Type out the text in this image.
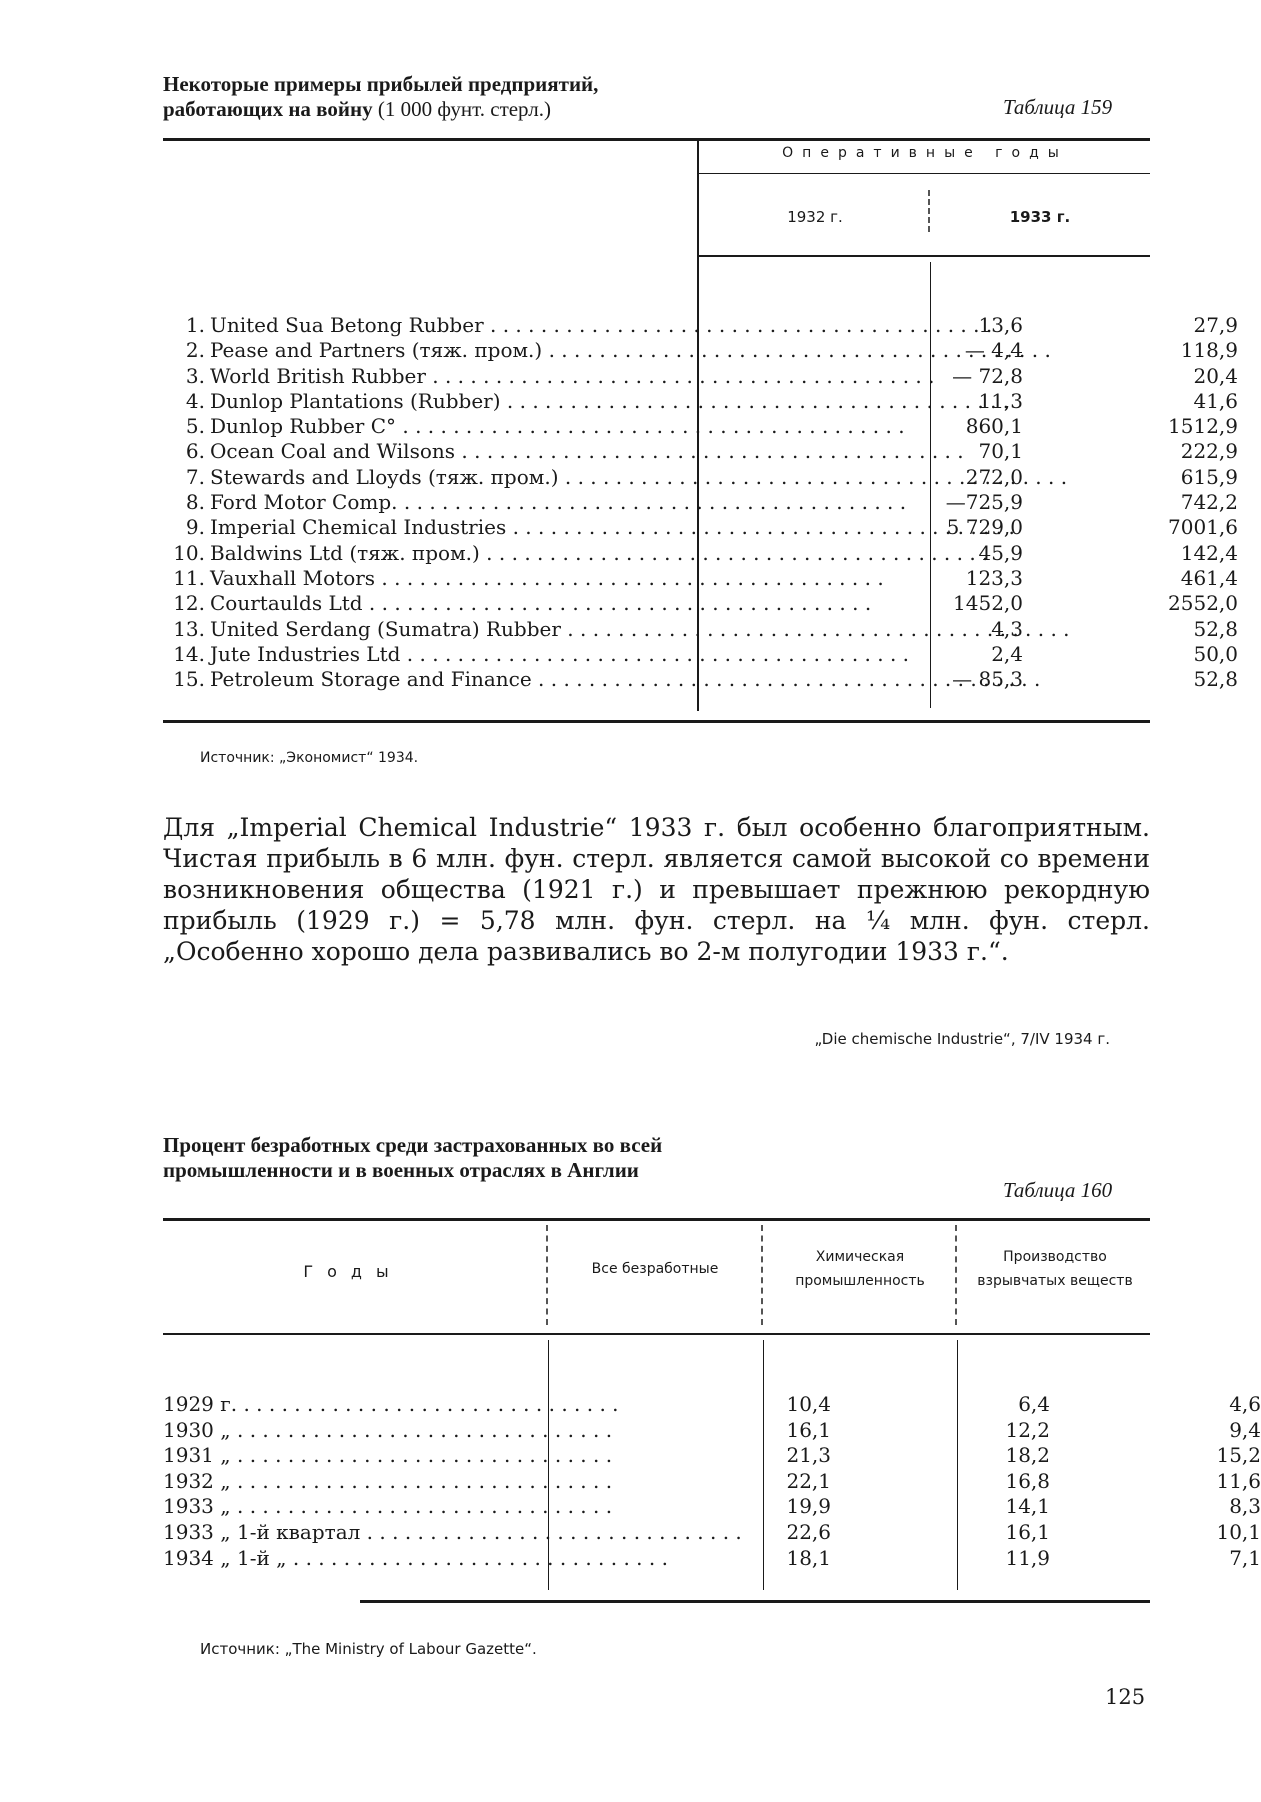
Некоторые примеры прибылей предприятий,
работающих на войну (1 000 фунт. стерл.)	Таблица 159
Оперативные годы
1932 г.	1933 г.
1. United Sua Betong Rubber . . .	13,6	27,9
2. Pease and Partners (тяж. пром.) . . .	— 4,4	118,9
3. World British Rubber . . .	— 72,8	20,4
4. Dunlop Plantations (Rubber) . . .	11,3	41,6
5. Dunlop Rubber C° . . .	860,1	1512,9
6. Ocean Coal and Wilsons . . .	70,1	222,9
7. Stewards and Lloyds (тяж. пром.) . . .	272,0	615,9
8. Ford Motor Comp. . . .	—725,9	742,2
9. Imperial Chemical Industries . . .	5 729,0	7001,6
10. Baldwins Ltd (тяж. пром.) . . .	45,9	142,4
11. Vauxhall Motors . . .	123,3	461,4
12. Courtaulds Ltd . . .	1452,0	2552,0
13. United Serdang (Sumatra) Rubber . . .	4,3	52,8
14. Jute Industries Ltd . . .	2,4	50,0
15. Petroleum Storage and Finance . . .	— 85,3	52,8
Источник: „Экономист“ 1934.
Для „Imperial Chemical Industrie“ 1933 г. был особенно благоприятным. Чистая прибыль в 6 млн. фун. стерл. является самой высокой со времени возникновения общества (1921 г.) и превышает прежнюю рекордную прибыль (1929 г.) = 5,78 млн. фун. стерл. на ¼ млн. фун. стерл. „Особенно хорошо дела развивались во 2-м полугодии 1933 г.“.
„Die chemische Industrie“, 7/IV 1934 г.
Процент безработных среди застрахованных во всей
промышленности и в военных отраслях в Англии
Таблица 160
Годы	Все безработные
Химическая промышленность
Производство взрывчатых веществ
1929 г. . . .	10,4	6,4	4,6
1930 „ . . .	16,1	12,2	9,4
1931 „ . . .	21,3	18,2	15,2
1932 „ . . .	22,1	16,8	11,6
1933 „ . . .	19,9	14,1	8,3
1933 „ 1-й квартал . . .	22,6	16,1	10,1
1934 „ 1-й „ . . .	18,1	11,9	7,1
Источник: „The Ministry of Labour Gazette“.
125
